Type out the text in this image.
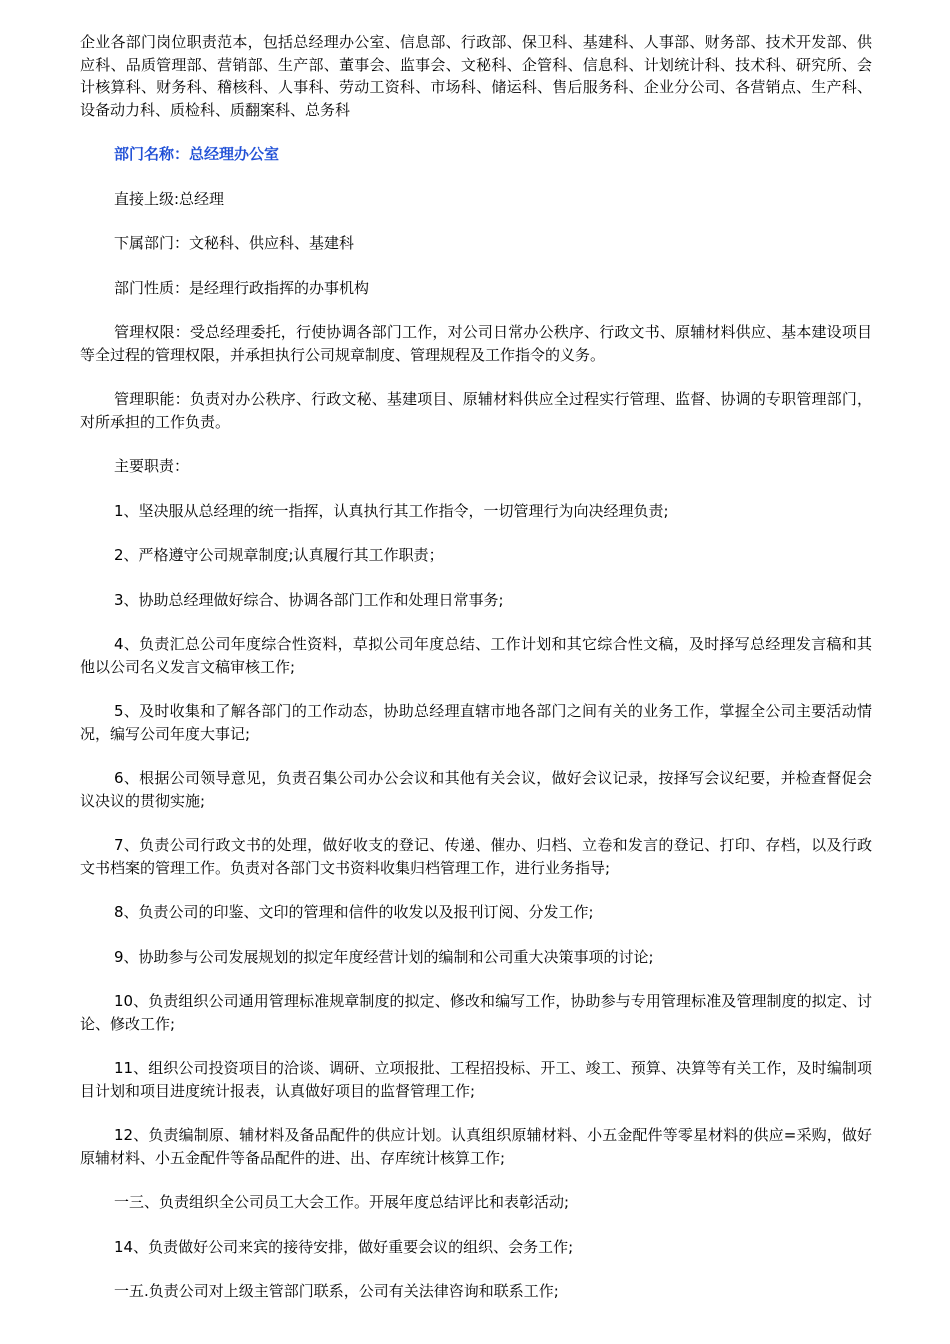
企业各部门岗位职责范本，包括总经理办公室、信息部、行政部、保卫科、基建科、人事部、财务部、技术开发部、供应科、品质管理部、营销部、生产部、董事会、监事会、文秘科、企管科、信息科、计划统计科、技术科、研究所、会计核算科、财务科、稽核科、人事科、劳动工资科、市场科、储运科、售后服务科、企业分公司、各营销点、生产科、设备动力科、质检科、质翻案科、总务科

部门名称：总经理办公室

直接上级:总经理

下属部门：文秘科、供应科、基建科

部门性质：是经理行政指挥的办事机构

管理权限：受总经理委托，行使协调各部门工作，对公司日常办公秩序、行政文书、原辅材料供应、基本建设项目等全过程的管理权限，并承担执行公司规章制度、管理规程及工作指令的义务。

管理职能：负责对办公秩序、行政文秘、基建项目、原辅材料供应全过程实行管理、监督、协调的专职管理部门，对所承担的工作负责。

主要职责：

1、坚决服从总经理的统一指挥，认真执行其工作指令，一切管理行为向决经理负责;

2、严格遵守公司规章制度;认真履行其工作职责；

3、协助总经理做好综合、协调各部门工作和处理日常事务;

4、负责汇总公司年度综合性资料，草拟公司年度总结、工作计划和其它综合性文稿，及时择写总经理发言稿和其他以公司名义发言文稿审核工作;

5、及时收集和了解各部门的工作动态，协助总经理直辖市地各部门之间有关的业务工作，掌握全公司主要活动情况，编写公司年度大事记;

6、根据公司领导意见，负责召集公司办公会议和其他有关会议，做好会议记录，按择写会议纪要，并检查督促会议决议的贯彻实施;

7、负责公司行政文书的处理，做好收支的登记、传递、催办、归档、立卷和发言的登记、打印、存档，以及行政文书档案的管理工作。负责对各部门文书资料收集归档管理工作，进行业务指导;

8、负责公司的印鉴、文印的管理和信件的收发以及报刊订阅、分发工作;

9、协助参与公司发展规划的拟定年度经营计划的编制和公司重大决策事项的讨论;

10、负责组织公司通用管理标准规章制度的拟定、修改和编写工作，协助参与专用管理标准及管理制度的拟定、讨论、修改工作;

11、组织公司投资项目的洽谈、调研、立项报批、工程招投标、开工、竣工、预算、决算等有关工作，及时编制项目计划和项目进度统计报表，认真做好项目的监督管理工作;

12、负责编制原、辅材料及备品配件的供应计划。认真组织原辅材料、小五金配件等零星材料的供应=采购，做好原辅材料、小五金配件等备品配件的进、出、存库统计核算工作;

一三、负责组织全公司员工大会工作。开展年度总结评比和表彰活动;

14、负责做好公司来宾的接待安排，做好重要会议的组织、会务工作;

一五.负责公司对上级主管部门联系，公司有关法律咨询和联系工作;
